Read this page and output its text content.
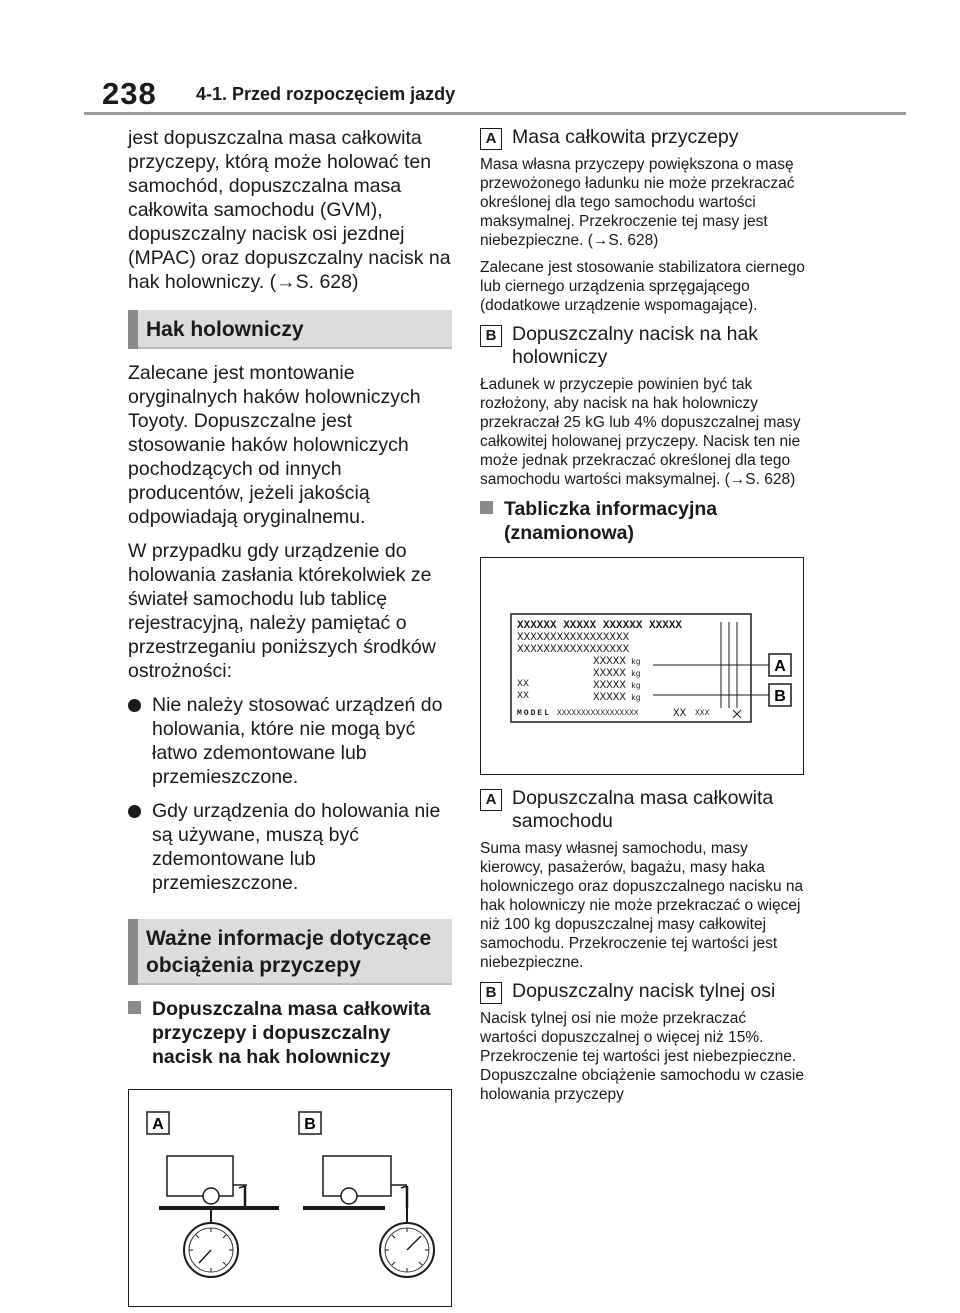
238 4-1. Przed rozpoczęciem jazdy

jest dopuszczalna masa całkowita przyczepy, którą może holować ten samochód, dopuszczalna masa całkowita samochodu (GVM), dopuszczalny nacisk osi jezdnej (MPAC) oraz dopuszczalny nacisk na hak holowniczy. (→S. 628)

Hak holowniczy

Zalecane jest montowanie oryginalnych haków holowniczych Toyoty. Dopuszczalne jest stosowanie haków holowniczych pochodzących od innych producentów, jeżeli jakością odpowiadają oryginalnemu.

W przypadku gdy urządzenie do holowania zasłania którekolwiek ze świateł samochodu lub tablicę rejestracyjną, należy pamiętać o przestrzeganiu poniższych środków ostrożności:

Nie należy stosować urządzeń do holowania, które nie mogą być łatwo zdemontowane lub przemieszczone.
Gdy urządzenia do holowania nie są używane, muszą być zdemontowane lub przemieszczone.
Ważne informacje dotyczące obciążenia przyczepy
Dopuszczalna masa całkowita przyczepy i dopuszczalny nacisk na hak holowniczy
A	B
A Masa całkowita przyczepy

Masa własna przyczepy powiększona o masę przewożonego ładunku nie może przekraczać określonej dla tego samochodu wartości maksymalnej. Przekroczenie tej masy jest niebezpieczne. (→S. 628)

Zalecane jest stosowanie stabilizatora ciernego lub ciernego urządzenia sprzęgającego (dodatkowe urządzenie wspomagające).

B Dopuszczalny nacisk na hak holowniczy

Ładunek w przyczepie powinien być tak rozłożony, aby nacisk na hak holowniczy przekraczał 25 kG lub 4% dopuszczalnej masy całkowitej holowanej przyczepy. Nacisk ten nie może jednak przekraczać określonej dla tego samochodu wartości maksymalnej. (→S. 628)

Tabliczka informacyjna (znamionowa)
XXXXXX XXXXX XXXXXX XXXXX
XXXXXXXXXXXXXXXXX
XXXXXXXXXXXXXXXXX
XXXXX kg
XXXXX kg
XX	XXXXX kg
XX	XXXXX kg
MODEL XXXXXXXXXXXXXXXXX	XX XXX
A
B
A Dopuszczalna masa całkowita samochodu

Suma masy własnej samochodu, masy kierowcy, pasażerów, bagażu, masy haka holowniczego oraz dopuszczalnego nacisku na hak holowniczy nie może przekraczać o więcej niż 100 kg dopuszczalnej masy całkowitej samochodu. Przekroczenie tej wartości jest niebezpieczne.

B Dopuszczalny nacisk tylnej osi

Nacisk tylnej osi nie może przekraczać wartości dopuszczalnej o więcej niż 15%. Przekroczenie tej wartości jest niebezpieczne. Dopuszczalne obciążenie samochodu w czasie holowania przyczepy
